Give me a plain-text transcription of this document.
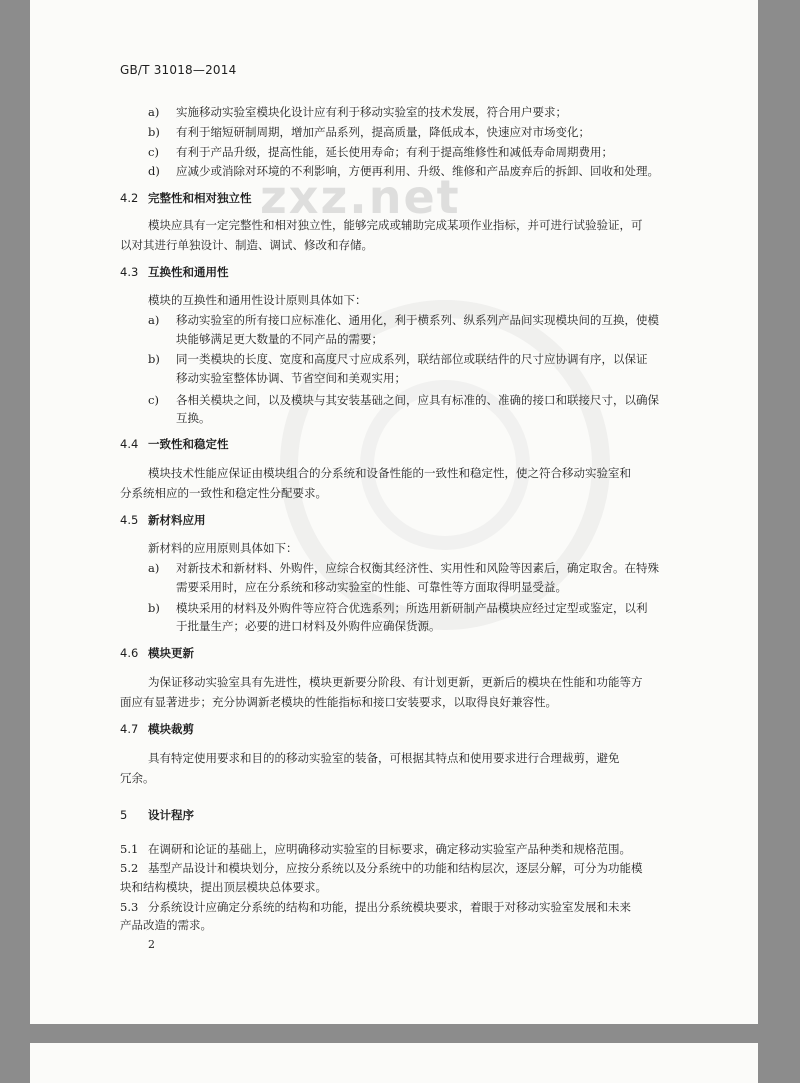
zxz.net
GB/T 31018—2014
a) 实施移动实验室模块化设计应有利于移动实验室的技术发展，符合用户要求；
b) 有利于缩短研制周期，增加产品系列，提高质量，降低成本，快速应对市场变化；
c) 有利于产品升级，提高性能，延长使用寿命；有利于提高维修性和减低寿命周期费用；
d) 应减少或消除对环境的不利影响，方便再利用、升级、维修和产品废弃后的拆卸、回收和处理。
4.2 完整性和相对独立性
模块应具有一定完整性和相对独立性，能够完成或辅助完成某项作业指标，并可进行试验验证，可
以对其进行单独设计、制造、调试、修改和存储。
4.3 互换性和通用性
模块的互换性和通用性设计原则具体如下：
a) 移动实验室的所有接口应标准化、通用化，利于横系列、纵系列产品间实现模块间的互换，使模
块能够满足更大数量的不同产品的需要；
b) 同一类模块的长度、宽度和高度尺寸应成系列，联结部位或联结件的尺寸应协调有序，以保证
移动实验室整体协调、节省空间和美观实用；
c) 各相关模块之间，以及模块与其安装基础之间，应具有标准的、准确的接口和联接尺寸，以确保
互换。
4.4 一致性和稳定性
模块技术性能应保证由模块组合的分系统和设备性能的一致性和稳定性，使之符合移动实验室和
分系统相应的一致性和稳定性分配要求。
4.5 新材料应用
新材料的应用原则具体如下：
a) 对新技术和新材料、外购件，应综合权衡其经济性、实用性和风险等因素后，确定取舍。在特殊
需要采用时，应在分系统和移动实验室的性能、可靠性等方面取得明显受益。
b) 模块采用的材料及外购件等应符合优选系列；所选用新研制产品模块应经过定型或鉴定，以利
于批量生产；必要的进口材料及外购件应确保货源。
4.6 模块更新
为保证移动实验室具有先进性，模块更新要分阶段、有计划更新，更新后的模块在性能和功能等方
面应有显著进步；充分协调新老模块的性能指标和接口安装要求，以取得良好兼容性。
4.7 模块裁剪
具有特定使用要求和目的的移动实验室的装备，可根据其特点和使用要求进行合理裁剪，避免
冗余。
5 设计程序
5.1 在调研和论证的基础上，应明确移动实验室的目标要求，确定移动实验室产品种类和规格范围。
5.2 基型产品设计和模块划分，应按分系统以及分系统中的功能和结构层次，逐层分解，可分为功能模
块和结构模块，提出顶层模块总体要求。
5.3 分系统设计应确定分系统的结构和功能，提出分系统模块要求，着眼于对移动实验室发展和未来
产品改造的需求。
2
